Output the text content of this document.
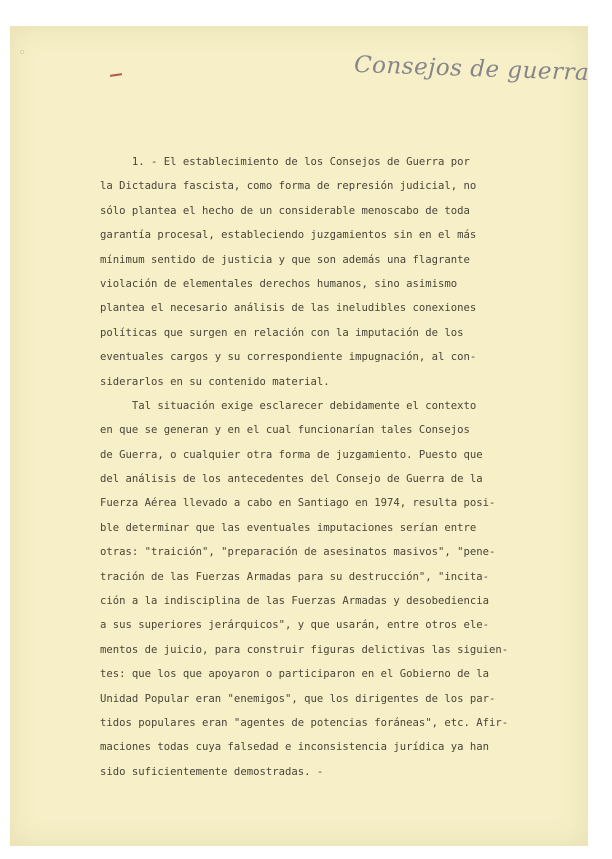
◦	Consejos de guerra
1. - El establecimiento de los Consejos de Guerra por
la Dictadura fascista, como forma de represión judicial, no
sólo plantea el hecho de un considerable menoscabo de toda
garantía procesal, estableciendo juzgamientos sin en el más
mínimum sentido de justicia y que son además una flagrante
violación de elementales derechos humanos, sino asimismo
plantea el necesario análisis de las ineludibles conexiones
políticas que surgen en relación con la imputación de los
eventuales cargos y su correspondiente impugnación, al con-
siderarlos en su contenido material.
Tal situación exige esclarecer debidamente el contexto
en que se generan y en el cual funcionarían tales Consejos
de Guerra, o cualquier otra forma de juzgamiento. Puesto que
del análisis de los antecedentes del Consejo de Guerra de la
Fuerza Aérea llevado a cabo en Santiago en 1974, resulta posi-
ble determinar que las eventuales imputaciones serían entre
otras: "traición", "preparación de asesinatos masivos", "pene-
tración de las Fuerzas Armadas para su destrucción", "incita-
ción a la indisciplina de las Fuerzas Armadas y desobediencia
a sus superiores jerárquicos", y que usarán, entre otros ele-
mentos de juicio, para construir figuras delictivas las siguien-
tes: que los que apoyaron o participaron en el Gobierno de la
Unidad Popular eran "enemigos", que los dirigentes de los par-
tidos populares eran "agentes de potencias foráneas", etc. Afir-
maciones todas cuya falsedad e inconsistencia jurídica ya han
sido suficientemente demostradas. -
